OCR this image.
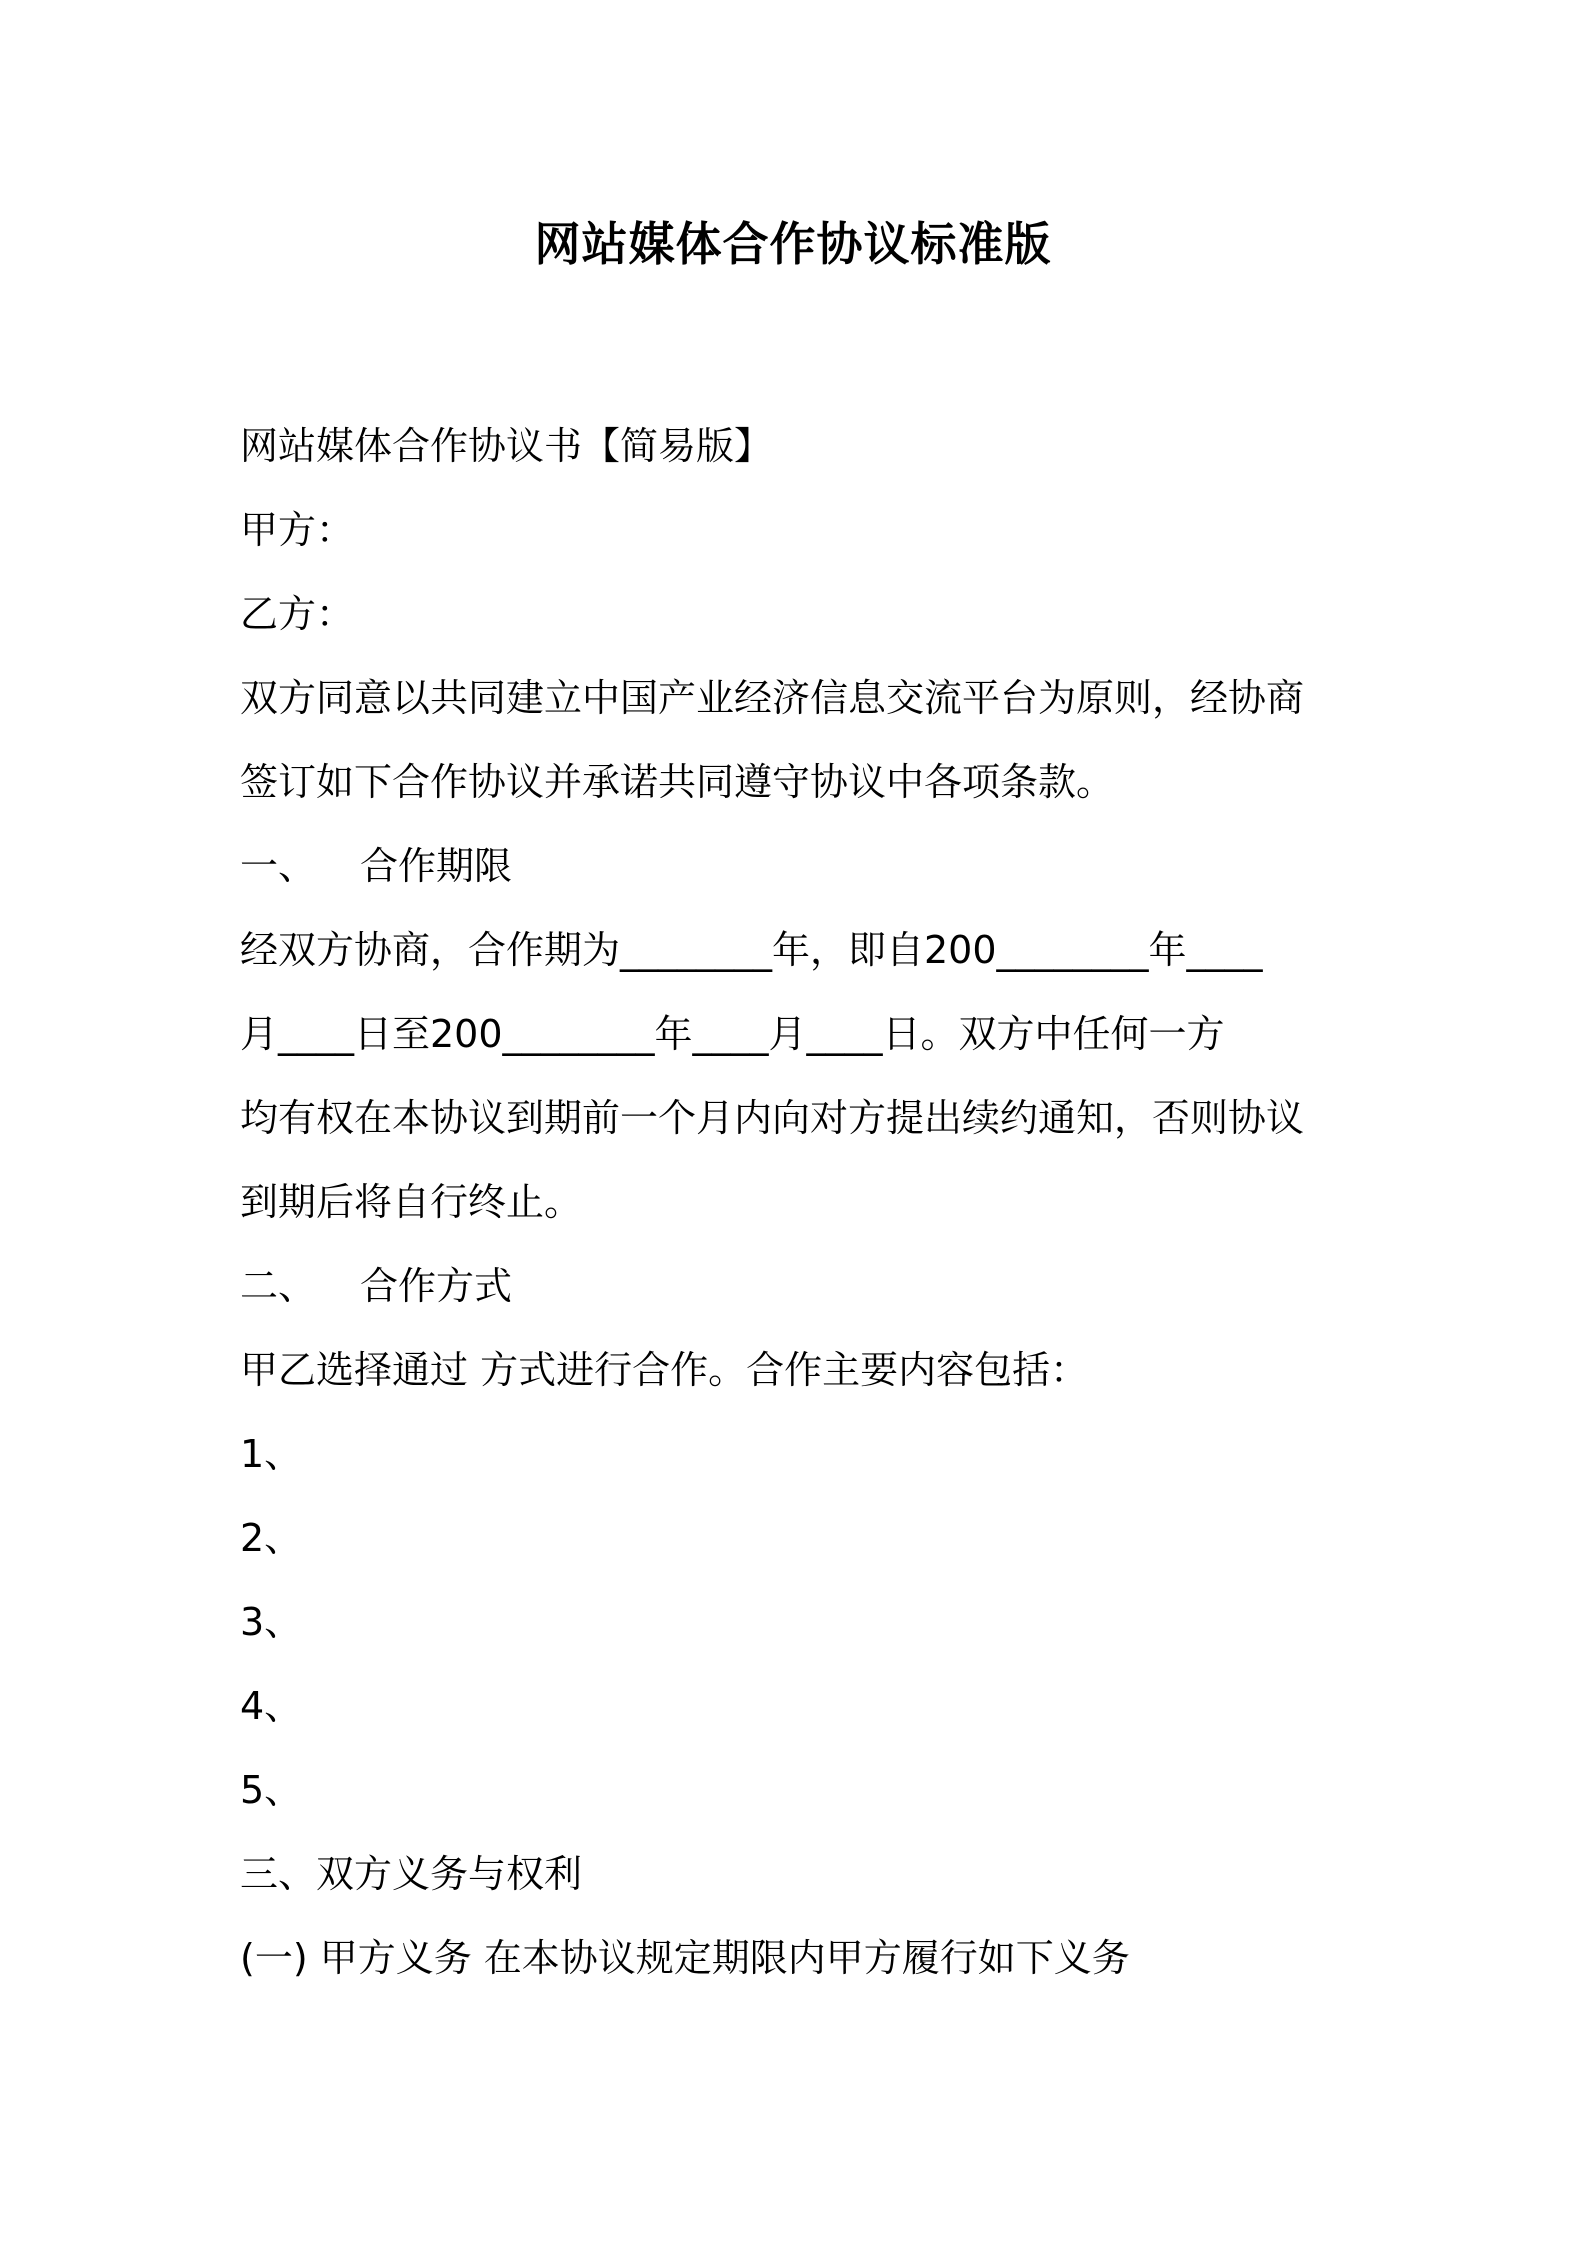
网站媒体合作协议标准版
网站媒体合作协议书【简易版】
甲方：
乙方：
双方同意以共同建立中国产业经济信息交流平台为原则，经协商
签订如下合作协议并承诺共同遵守协议中各项条款。
一、 合作期限
经双方协商，合作期为________年，即自200________年____
月____日至200________年____月____日。双方中任何一方
均有权在本协议到期前一个月内向对方提出续约通知，否则协议
到期后将自行终止。
二、 合作方式
甲乙选择通过 方式进行合作。合作主要内容包括：
1、
2、
3、
4、
5、
三、双方义务与权利
(一) 甲方义务 在本协议规定期限内甲方履行如下义务
